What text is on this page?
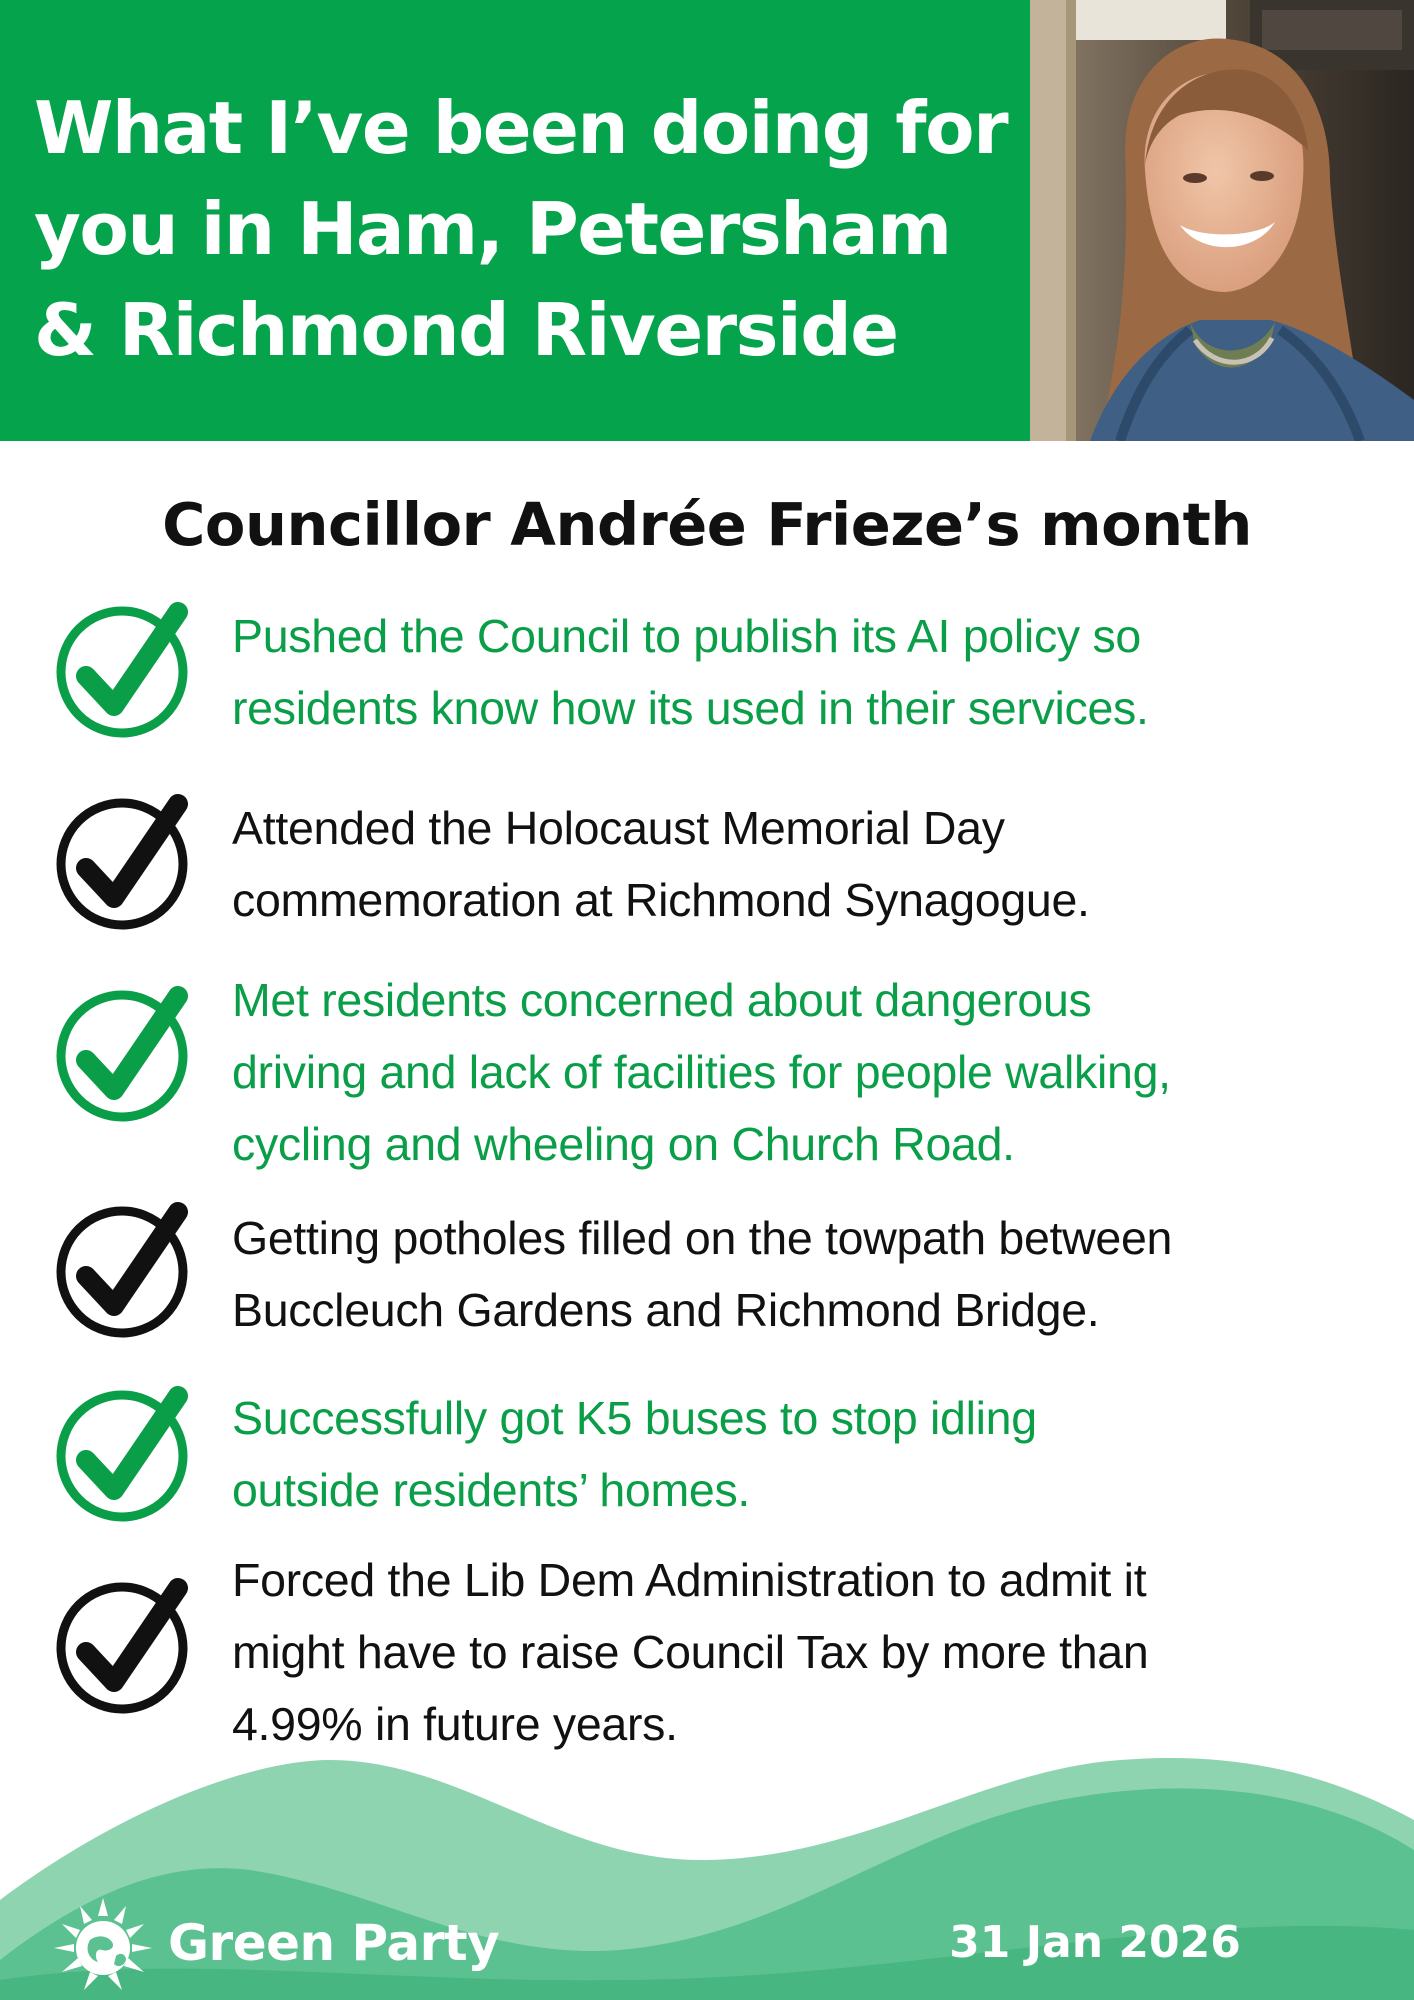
What I’ve been doing for
you in Ham, Petersham
& Richmond Riverside
Councillor Andrée Frieze’s month

Pushed the Council to publish its AI policy so
residents know how its used in their services.

Attended the Holocaust Memorial Day
commemoration at Richmond Synagogue.

Met residents concerned about dangerous
driving and lack of facilities for people walking,
cycling and wheeling on Church Road.

Getting potholes filled on the towpath between
Buccleuch Gardens and Richmond Bridge.

Successfully got K5 buses to stop idling
outside residents’ homes.

Forced the Lib Dem Administration to admit it
might have to raise Council Tax by more than
4.99% in future years.

Green Party	31 Jan 2026
